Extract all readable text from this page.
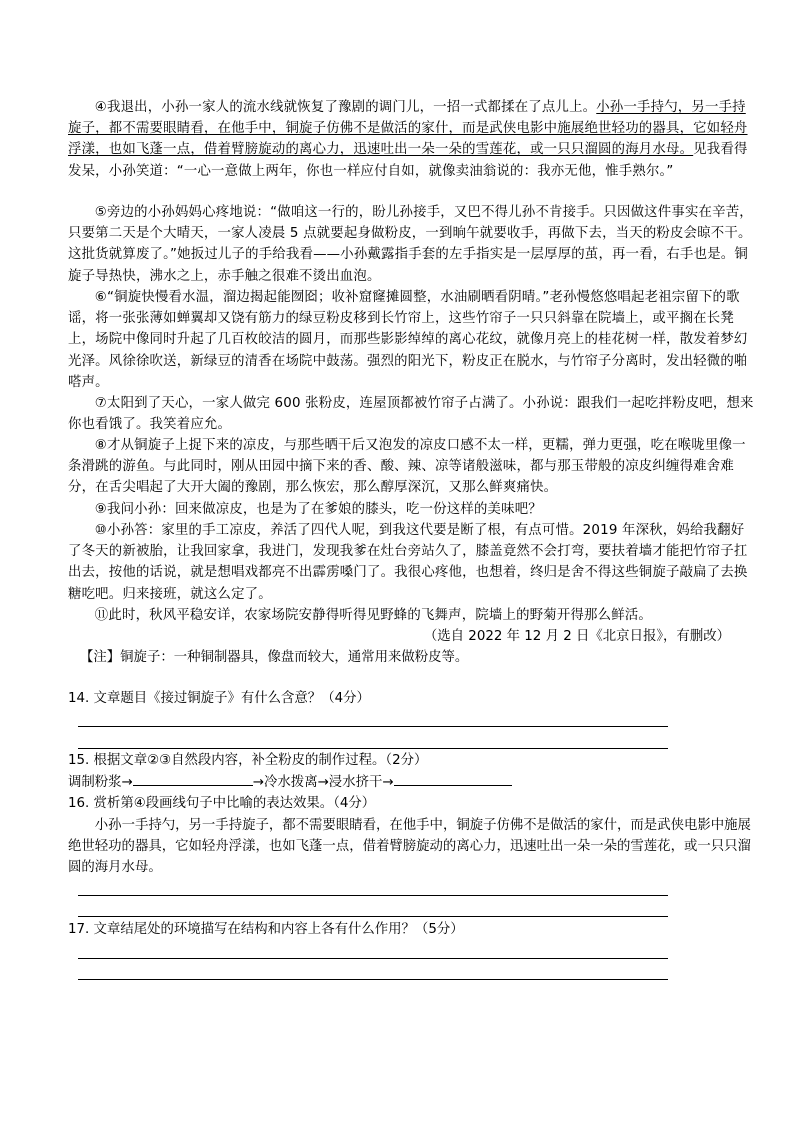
④我退出，小孙一家人的流水线就恢复了豫剧的调门儿，一招一式都揉在了点儿上。小孙一手持勺，另一手持旋子，都不需要眼睛看，在他手中，铜旋子仿佛不是做活的家什，而是武侠电影中施展绝世轻功的器具，它如轻舟浮漾，也如飞蓬一点，借着臂膀旋动的离心力，迅速吐出一朵一朵的雪莲花，或一只只溜圆的海月水母。见我看得发呆，小孙笑道：“一心一意做上两年，你也一样应付自如，就像卖油翁说的：我亦无他，惟手熟尔。”
⑤旁边的小孙妈妈心疼地说：“做咱这一行的，盼儿孙接手，又巴不得儿孙不肯接手。只因做这件事实在辛苦，只要第二天是个大晴天，一家人凌晨 5 点就要起身做粉皮，一到晌午就要收手，再做下去，当天的粉皮会晾不干。这批货就算废了。”她扳过儿子的手给我看——小孙戴露指手套的左手指实是一层厚厚的茧，再一看，右手也是。铜旋子导热快，沸水之上，赤手触之很难不烫出血泡。
⑥“铜旋快慢看水温，溜边揭起能囫囵；收补窟窿摊圆整，水油刷晒看阴晴。”老孙慢悠悠唱起老祖宗留下的歌谣，将一张张薄如蝉翼却又饶有筋力的绿豆粉皮移到长竹帘上，这些竹帘子一只只斜靠在院墙上，或平搁在长凳上，场院中像同时升起了几百枚皎洁的圆月，而那些影影绰绰的离心花纹，就像月亮上的桂花树一样，散发着梦幻光泽。风徐徐吹送，新绿豆的清香在场院中鼓荡。强烈的阳光下，粉皮正在脱水，与竹帘子分离时，发出轻微的啪嗒声。
⑦太阳到了天心，一家人做完 600 张粉皮，连屋顶都被竹帘子占满了。小孙说：跟我们一起吃拌粉皮吧，想来你也看饿了。我笑着应允。
⑧才从铜旋子上捉下来的凉皮，与那些晒干后又泡发的凉皮口感不太一样，更糯，弹力更强，吃在喉咙里像一条滑跳的游鱼。与此同时，刚从田园中摘下来的香、酸、辣、凉等诸般滋味，都与那玉带般的凉皮纠缠得难舍难分，在舌尖唱起了大开大阖的豫剧，那么恢宏，那么醇厚深沉，又那么鲜爽痛快。
⑨我问小孙：回来做凉皮，也是为了在爹娘的膝头，吃一份这样的美味吧？
⑩小孙答：家里的手工凉皮，养活了四代人呢，到我这代要是断了根，有点可惜。2019 年深秋，妈给我翻好了冬天的新被胎，让我回家拿，我进门，发现我爹在灶台旁站久了，膝盖竟然不会打弯，要扶着墙才能把竹帘子扛出去，按他的话说，就是想唱戏都亮不出霹雳嗓门了。我很心疼他，也想着，终归是舍不得这些铜旋子敲扁了去换糖吃吧。归来接班，就这么定了。
⑪此时，秋风平稳安详，农家场院安静得听得见野蜂的飞舞声，院墙上的野菊开得那么鲜活。
（选自 2022 年 12 月 2 日《北京日报》，有删改）
【注】铜旋子：一种铜制器具，像盘而较大，通常用来做粉皮等。
14. 文章题目《接过铜旋子》有什么含意？（4分）
15. 根据文章②③自然段内容，补全粉皮的制作过程。（2分）
调制粉浆→	→冷水拨离→浸水挤干→
16. 赏析第④段画线句子中比喻的表达效果。（4分）
小孙一手持勺，另一手持旋子，都不需要眼睛看，在他手中，铜旋子仿佛不是做活的家什，而是武侠电影中施展绝世轻功的器具，它如轻舟浮漾，也如飞蓬一点，借着臂膀旋动的离心力，迅速吐出一朵一朵的雪莲花，或一只只溜圆的海月水母。
17. 文章结尾处的环境描写在结构和内容上各有什么作用？（5分）
